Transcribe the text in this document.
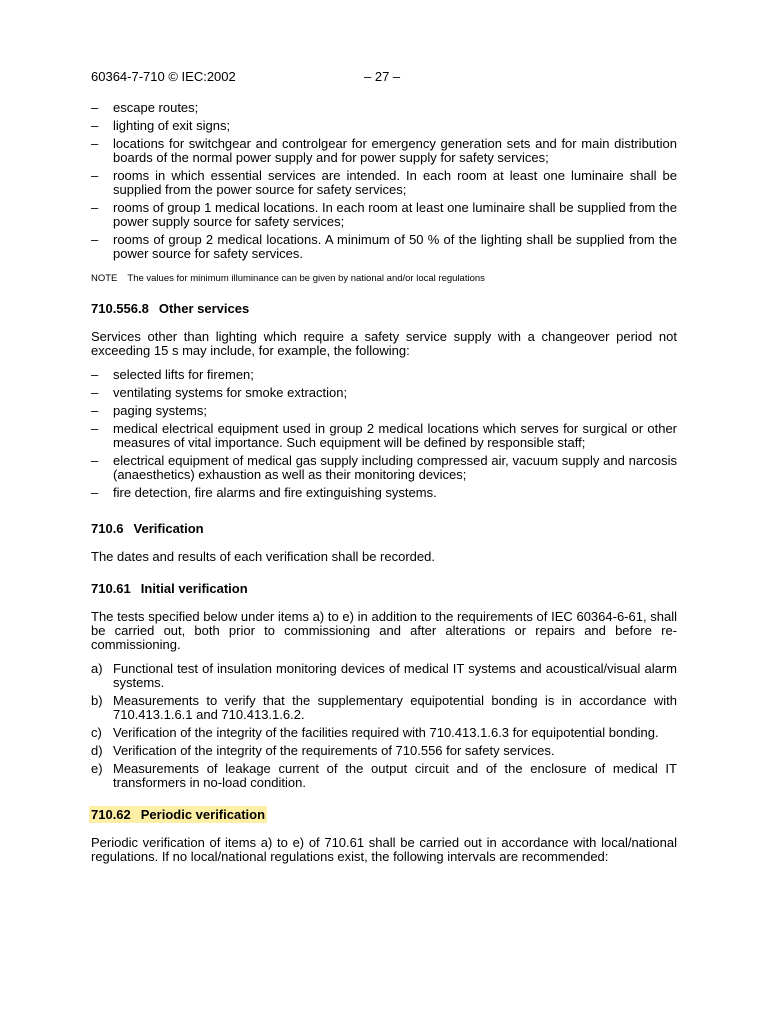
60364-7-710 © IEC:2002	– 27 –
– escape routes;
– lighting of exit signs;
– locations for switchgear and controlgear for emergency generation sets and for main distribution boards of the normal power supply and for power supply for safety services;
– rooms in which essential services are intended. In each room at least one luminaire shall be supplied from the power source for safety services;
– rooms of group 1 medical locations. In each room at least one luminaire shall be supplied from the power supply source for safety services;
– rooms of group 2 medical locations. A minimum of 50 % of the lighting shall be supplied from the power source for safety services.
NOTE The values for minimum illuminance can be given by national and/or local regulations
710.556.8 Other services

Services other than lighting which require a safety service supply with a changeover period not exceeding 15 s may include, for example, the following:

– selected lifts for firemen;
– ventilating systems for smoke extraction;
– paging systems;
– medical electrical equipment used in group 2 medical locations which serves for surgical or other measures of vital importance. Such equipment will be defined by responsible staff;
– electrical equipment of medical gas supply including compressed air, vacuum supply and narcosis (anaesthetics) exhaustion as well as their monitoring devices;
– fire detection, fire alarms and fire extinguishing systems.
710.6 Verification

The dates and results of each verification shall be recorded.

710.61 Initial verification

The tests specified below under items a) to e) in addition to the requirements of IEC 60364-6-61, shall be carried out, both prior to commissioning and after alterations or repairs and before re-commissioning.

a) Functional test of insulation monitoring devices of medical IT systems and acoustical/visual alarm systems.
b) Measurements to verify that the supplementary equipotential bonding is in accordance with 710.413.1.6.1 and 710.413.1.6.2.
c) Verification of the integrity of the facilities required with 710.413.1.6.3 for equipotential bonding.
d) Verification of the integrity of the requirements of 710.556 for safety services.
e) Measurements of leakage current of the output circuit and of the enclosure of medical IT transformers in no-load condition.
710.62 Periodic verification

Periodic verification of items a) to e) of 710.61 shall be carried out in accordance with local/national regulations. If no local/national regulations exist, the following intervals are recommended:
